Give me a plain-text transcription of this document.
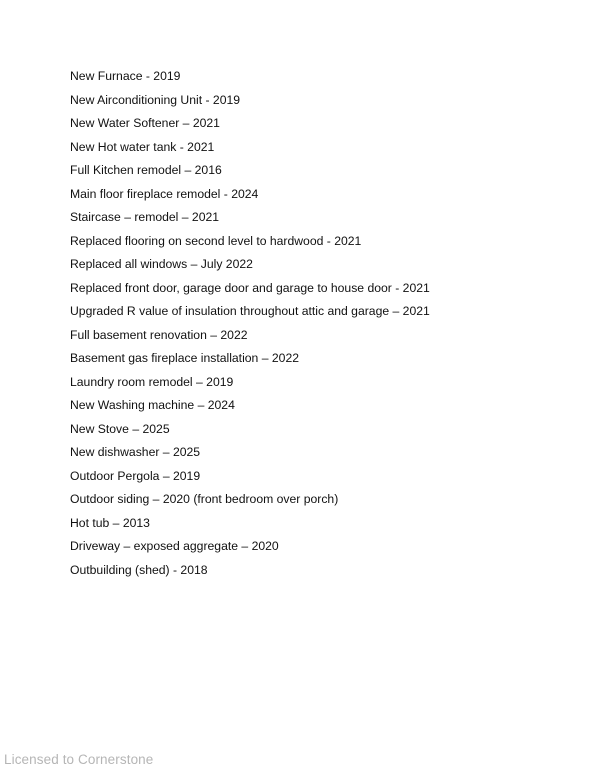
New Furnace - 2019
New Airconditioning Unit - 2019
New Water Softener – 2021
New Hot water tank - 2021
Full Kitchen remodel – 2016
Main floor fireplace remodel - 2024
Staircase – remodel – 2021
Replaced flooring on second level to hardwood - 2021
Replaced all windows – July 2022
Replaced front door, garage door and garage to house door - 2021
Upgraded R value of insulation throughout attic and garage – 2021
Full basement renovation – 2022
Basement gas fireplace installation – 2022
Laundry room remodel – 2019
New Washing machine – 2024
New Stove – 2025
New dishwasher – 2025
Outdoor Pergola – 2019
Outdoor siding – 2020 (front bedroom over porch)
Hot tub – 2013
Driveway – exposed aggregate – 2020
Outbuilding (shed) - 2018
Licensed to Cornerstone
